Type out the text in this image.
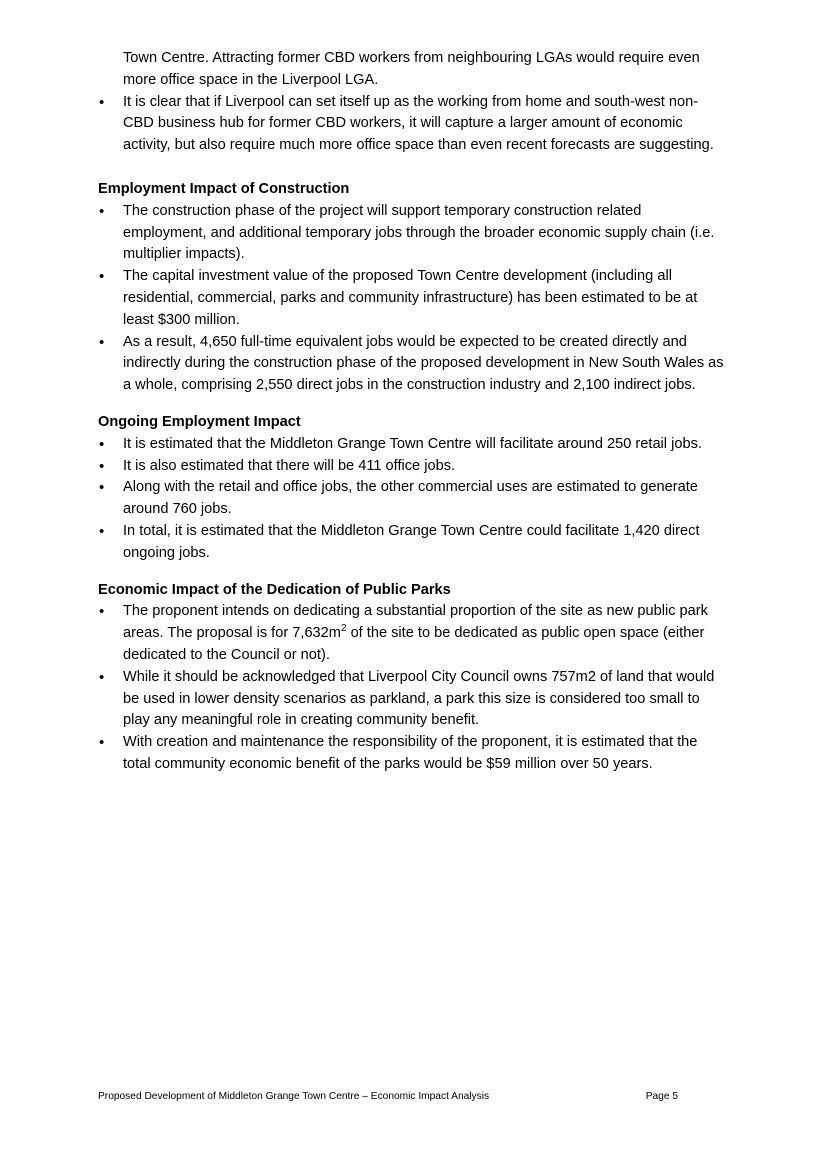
Town Centre. Attracting former CBD workers from neighbouring LGAs would require even more office space in the Liverpool LGA.
• It is clear that if Liverpool can set itself up as the working from home and south-west non-CBD business hub for former CBD workers, it will capture a larger amount of economic activity, but also require much more office space than even recent forecasts are suggesting.

Employment Impact of Construction

• The construction phase of the project will support temporary construction related employment, and additional temporary jobs through the broader economic supply chain (i.e. multiplier impacts).
• The capital investment value of the proposed Town Centre development (including all residential, commercial, parks and community infrastructure) has been estimated to be at least $300 million.
• As a result, 4,650 full-time equivalent jobs would be expected to be created directly and indirectly during the construction phase of the proposed development in New South Wales as a whole, comprising 2,550 direct jobs in the construction industry and 2,100 indirect jobs.

Ongoing Employment Impact

• It is estimated that the Middleton Grange Town Centre will facilitate around 250 retail jobs.
• It is also estimated that there will be 411 office jobs.
• Along with the retail and office jobs, the other commercial uses are estimated to generate around 760 jobs.
• In total, it is estimated that the Middleton Grange Town Centre could facilitate 1,420 direct ongoing jobs.

Economic Impact of the Dedication of Public Parks

• The proponent intends on dedicating a substantial proportion of the site as new public park areas. The proposal is for $7,632m^2$ of the site to be dedicated as public open space (either dedicated to the Council or not).
• While it should be acknowledged that Liverpool City Council owns 757m2 of land that would be used in lower density scenarios as parkland, a park this size is considered too small to play any meaningful role in creating community benefit.
• With creation and maintenance the responsibility of the proponent, it is estimated that the total community economic benefit of the parks would be $59 million over 50 years.
Proposed Development of Middleton Grange Town Centre – Economic Impact Analysis	Page 5
